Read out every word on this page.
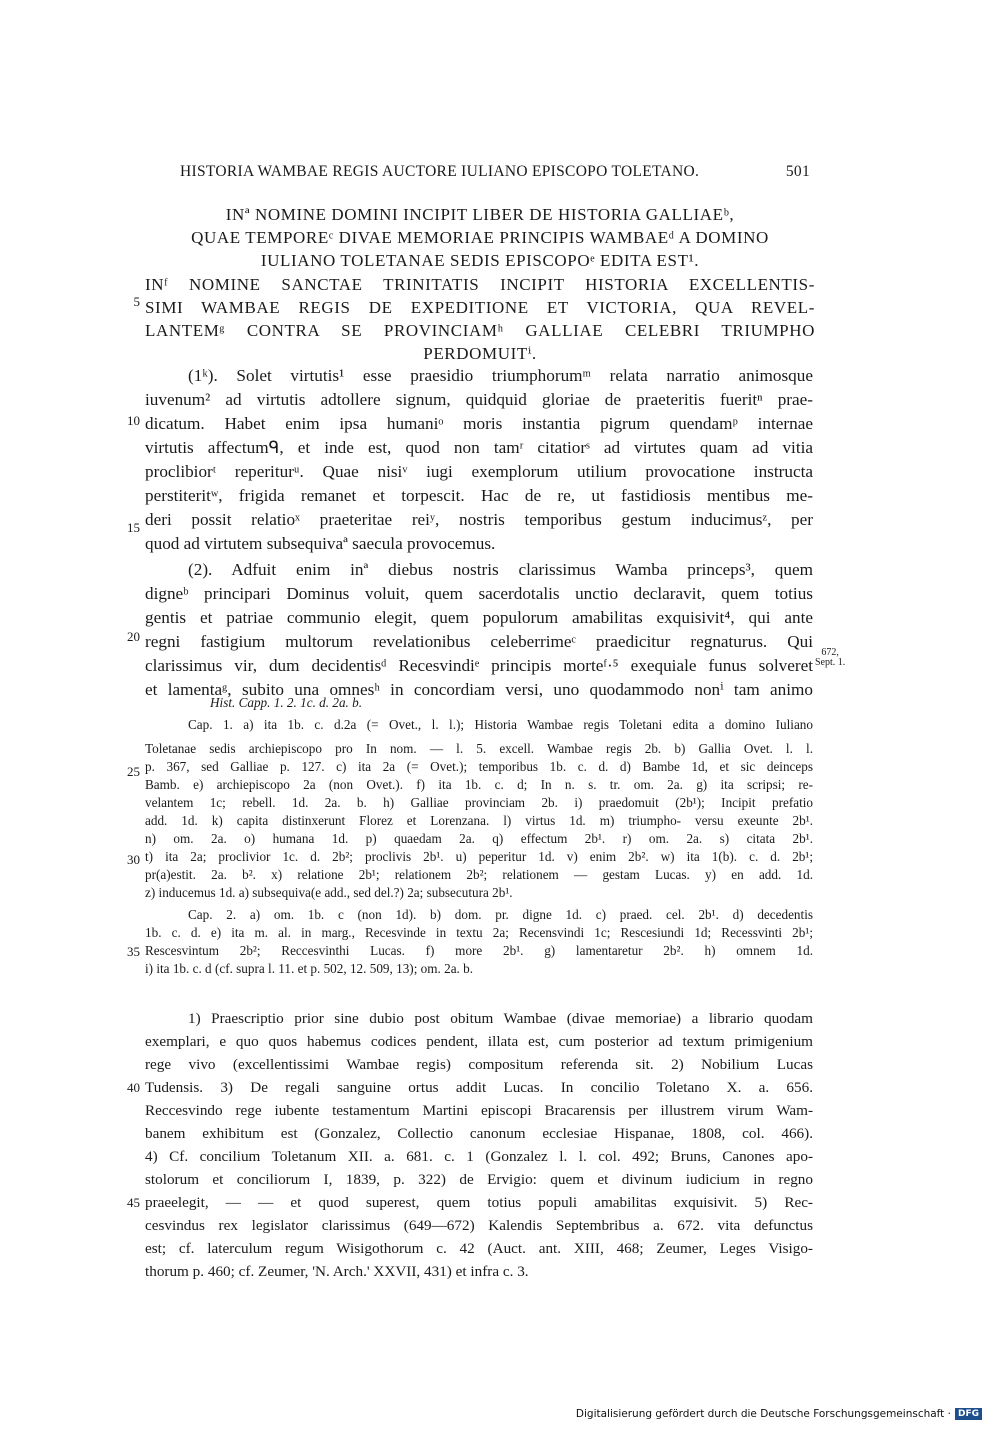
HISTORIA WAMBAE REGIS AUCTORE IULIANO EPISCOPO TOLETANO.	501
INª NOMINE DOMINI INCIPIT LIBER DE HISTORIA GALLIAEᵇ,
QUAE TEMPOREᶜ DIVAE MEMORIAE PRINCIPIS WAMBAEᵈ A DOMINO
IULIANO TOLETANAE SEDIS EPISCOPOᵉ EDITA EST¹.
INᶠ NOMINE SANCTAE TRINITATIS INCIPIT HISTORIA EXCELLENTIS-
SIMI WAMBAE REGIS DE EXPEDITIONE ET VICTORIA, QUA REVEL-
LANTEMᵍ CONTRA SE PROVINCIAMʰ GALLIAE CELEBRI TRIUMPHO
PERDOMUITⁱ.
(1ᵏ). Solet virtutis¹ esse praesidio triumphorumᵐ relata narratio animosque
iuvenum² ad virtutis adtollere signum, quidquid gloriae de praeteritis fueritⁿ prae-
dicatum. Habet enim ipsa humaniᵒ moris instantia pigrum quendamᵖ internae
virtutis affectumᑫ, et inde est, quod non tamʳ citatiorˢ ad virtutes quam ad vitia
proclibiorᵗ reperiturᵘ. Quae nisiᵛ iugi exemplorum utilium provocatione instructa
perstiteritʷ, frigida remanet et torpescit. Hac de re, ut fastidiosis mentibus me-
deri possit relatioˣ praeteritae reiʸ, nostris temporibus gestum inducimusᶻ, per
quod ad virtutem subsequivaª saecula provocemus.
(2). Adfuit enim inª diebus nostris clarissimus Wamba princeps³, quem
digneᵇ principari Dominus voluit, quem sacerdotalis unctio declaravit, quem totius
gentis et patriae communio elegit, quem populorum amabilitas exquisivit⁴, qui ante
regni fastigium multorum revelationibus celeberrimeᶜ praedicitur regnaturus. Qui
clarissimus vir, dum decidentisᵈ Recesvindiᵉ principis morteᶠ·⁵ exequiale funus solveret
et lamentaᵍ, subito una omnesʰ in concordiam versi, uno quodammodo nonⁱ tam animo
672,
Sept. 1.
Hist. Capp. 1. 2. 1c. d. 2a. b.
Cap. 1. a) ita 1b. c. d.2a (= Ovet., l. l.); Historia Wambae regis Toletani edita a domino Iuliano
Toletanae sedis archiepiscopo pro In nom. — l. 5. excell. Wambae regis 2b. b) Gallia Ovet. l. l.
p. 367, sed Galliae p. 127. c) ita 2a (= Ovet.); temporibus 1b. c. d. d) Bambe 1d, et sic deinceps
Bamb. e) archiepiscopo 2a (non Ovet.). f) ita 1b. c. d; In n. s. tr. om. 2a. g) ita scripsi; re-
velantem 1c; rebell. 1d. 2a. b. h) Galliae provinciam 2b. i) praedomuit (2b¹); Incipit prefatio
add. 1d. k) capita distinxerunt Florez et Lorenzana. l) virtus 1d. m) triumpho- versu exeunte 2b¹.
n) om. 2a. o) humana 1d. p) quaedam 2a. q) effectum 2b¹. r) om. 2a. s) citata 2b¹.
t) ita 2a; proclivior 1c. d. 2b²; proclivis 2b¹. u) peperitur 1d. v) enim 2b². w) ita 1(b). c. d. 2b¹;
pr(a)estit. 2a. b². x) relatione 2b¹; relationem 2b²; relationem — gestam Lucas. y) en add. 1d.
z) inducemus 1d. a) subsequiva(e add., sed del.?) 2a; subsecutura 2b¹.
Cap. 2. a) om. 1b. c (non 1d). b) dom. pr. digne 1d. c) praed. cel. 2b¹. d) decedentis
1b. c. d. e) ita m. al. in marg., Recesvinde in textu 2a; Recensvindi 1c; Rescesiundi 1d; Recessvinti 2b¹;
Rescesvintum 2b²; Reccesvinthi Lucas. f) more 2b¹. g) lamentaretur 2b². h) omnem 1d.
i) ita 1b. c. d (cf. supra l. 11. et p. 502, 12. 509, 13); om. 2a. b.
1) Praescriptio prior sine dubio post obitum Wambae (divae memoriae) a librario quodam
exemplari, e quo quos habemus codices pendent, illata est, cum posterior ad textum primigenium
rege vivo (excellentissimi Wambae regis) compositum referenda sit. 2) Nobilium Lucas
Tudensis. 3) De regali sanguine ortus addit Lucas. In concilio Toletano X. a. 656.
Reccesvindo rege iubente testamentum Martini episcopi Bracarensis per illustrem virum Wam-
banem exhibitum est (Gonzalez, Collectio canonum ecclesiae Hispanae, 1808, col. 466).
4) Cf. concilium Toletanum XII. a. 681. c. 1 (Gonzalez l. l. col. 492; Bruns, Canones apo-
stolorum et conciliorum I, 1839, p. 322) de Ervigio: quem et divinum iudicium in regno
praeelegit, — — et quod superest, quem totius populi amabilitas exquisivit. 5) Rec-
cesvindus rex legislator clarissimus (649—672) Kalendis Septembribus a. 672. vita defunctus
est; cf. laterculum regum Wisigothorum c. 42 (Auct. ant. XIII, 468; Zeumer, Leges Visigo-
thorum p. 460; cf. Zeumer, 'N. Arch.' XXVII, 431) et infra c. 3.
5
10
15
20
25
30
35
40
45
Digitalisierung gefördert durch die Deutsche Forschungsgemeinschaft · DFG
